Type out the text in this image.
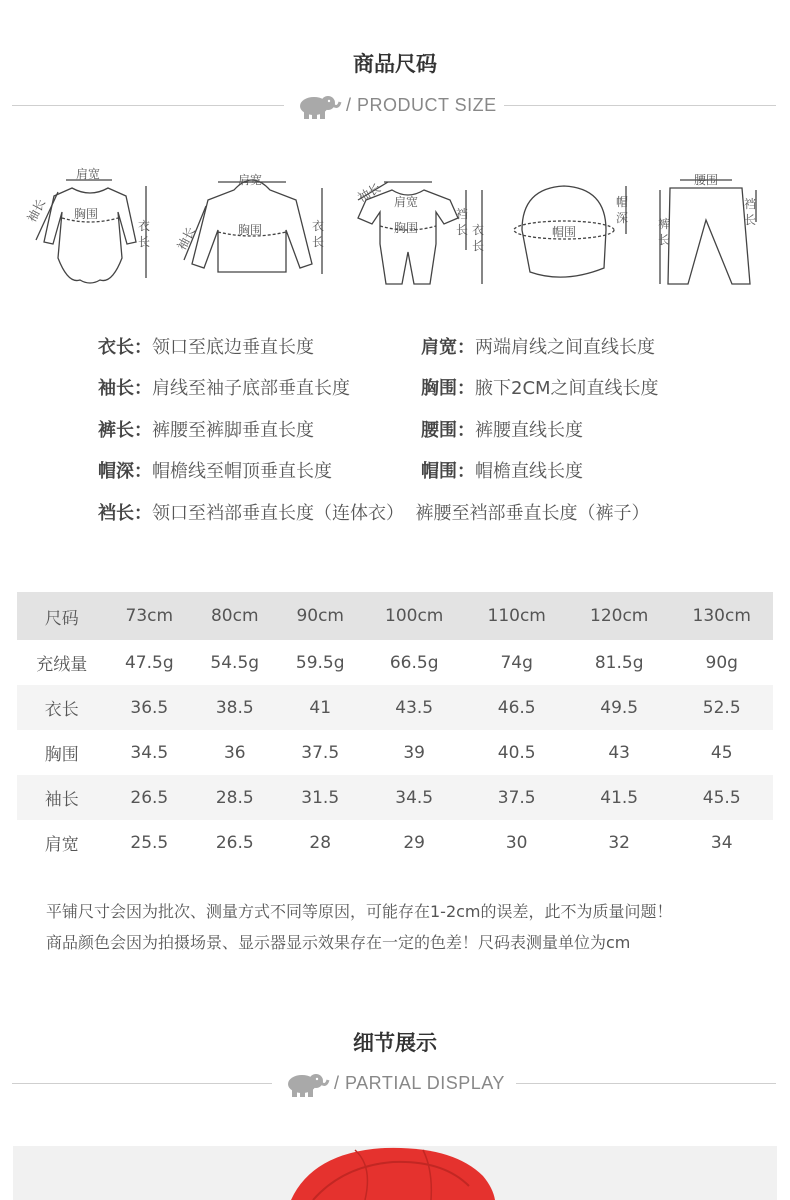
商品尺码
/ PRODUCT SIZE
肩宽
胸围
袖长
衣
长
肩宽
胸围
袖长	衣
长
袖长 肩宽
胸围
裆
长 衣
长
帽围
帽
深
腰围
裤
长
裆
长
衣长：领口至底边垂直长度	肩宽：两端肩线之间直线长度
袖长：肩线至袖子底部垂直长度	胸围：腋下2CM之间直线长度
裤长：裤腰至裤脚垂直长度	腰围：裤腰直线长度
帽深：帽檐线至帽顶垂直长度	帽围：帽檐直线长度
裆长：领口至裆部垂直长度（连体衣）  裤腰至裆部垂直长度（裤子）
尺码	73cm	80cm	90cm	100cm	110cm	120cm	130cm
充绒量	47.5g	54.5g	59.5g	66.5g	74g	81.5g	90g
衣长	36.5	38.5	41	43.5	46.5	49.5	52.5
胸围	34.5	36	37.5	39	40.5	43	45
袖长	26.5	28.5	31.5	34.5	37.5	41.5	45.5
肩宽	25.5	26.5	28	29	30	32	34
平铺尺寸会因为批次、测量方式不同等原因，可能存在1-2cm的误差，此不为质量问题！
商品颜色会因为拍摄场景、显示器显示效果存在一定的色差！尺码表测量单位为cm
细节展示
/ PARTIAL DISPLAY
